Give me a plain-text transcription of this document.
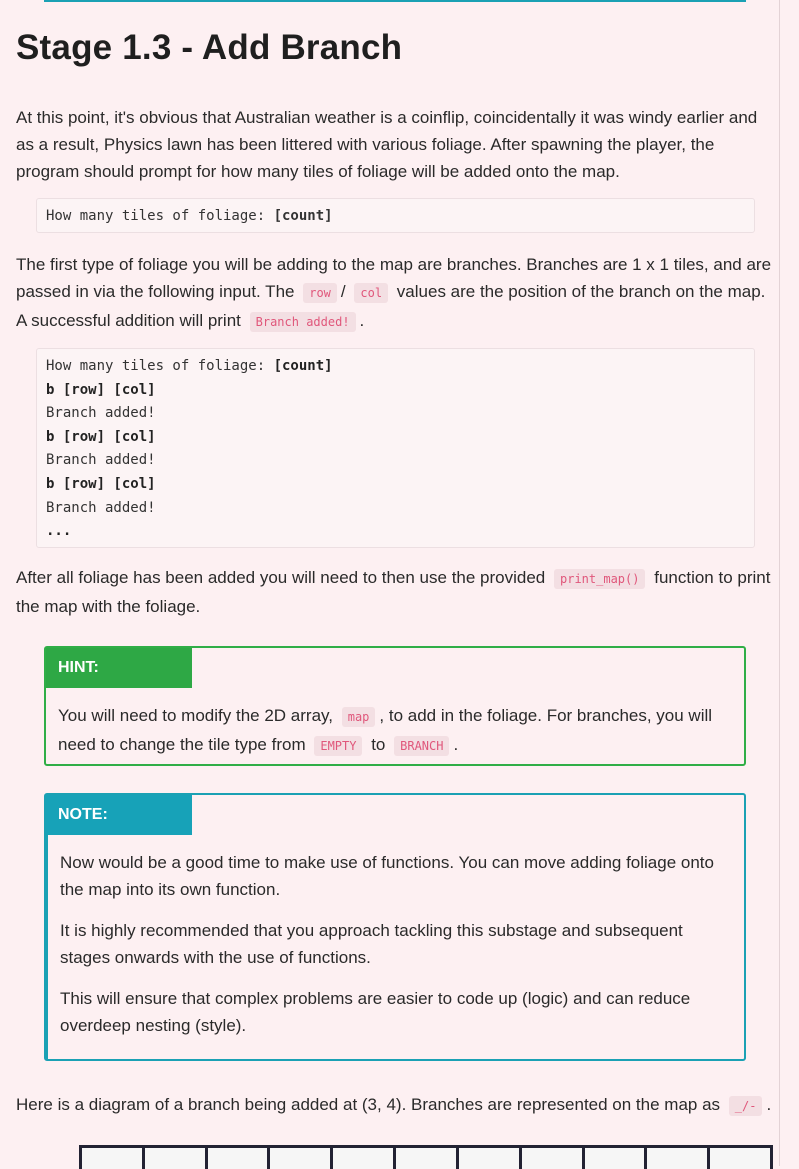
Stage 1.3 - Add Branch

At this point, it's obvious that Australian weather is a coinflip, coincidentally it was windy earlier and as a result, Physics lawn has been littered with various foliage. After spawning the player, the program should prompt for how many tiles of foliage will be added onto the map.

How many tiles of foliage: [count]

The first type of foliage you will be adding to the map are branches. Branches are 1 x 1 tiles, and are passed in via the following input. The row / col values are the position of the branch on the map. A successful addition will print Branch added! .

How many tiles of foliage: [count]
b [row] [col]
Branch added!
b [row] [col]
Branch added!
b [row] [col]
Branch added!
...

After all foliage has been added you will need to then use the provided print_map() function to print the map with the foliage.

HINT:

You will need to modify the 2D array, map , to add in the foliage. For branches, you will need to change the tile type from EMPTY to BRANCH .

NOTE:

Now would be a good time to make use of functions. You can move adding foliage onto the map into its own function.

It is highly recommended that you approach tackling this substage and subsequent stages onwards with the use of functions.

This will ensure that complex problems are easier to code up (logic) and can reduce overdeep nesting (style).

Here is a diagram of a branch being added at (3, 4). Branches are represented on the map as _/- .
